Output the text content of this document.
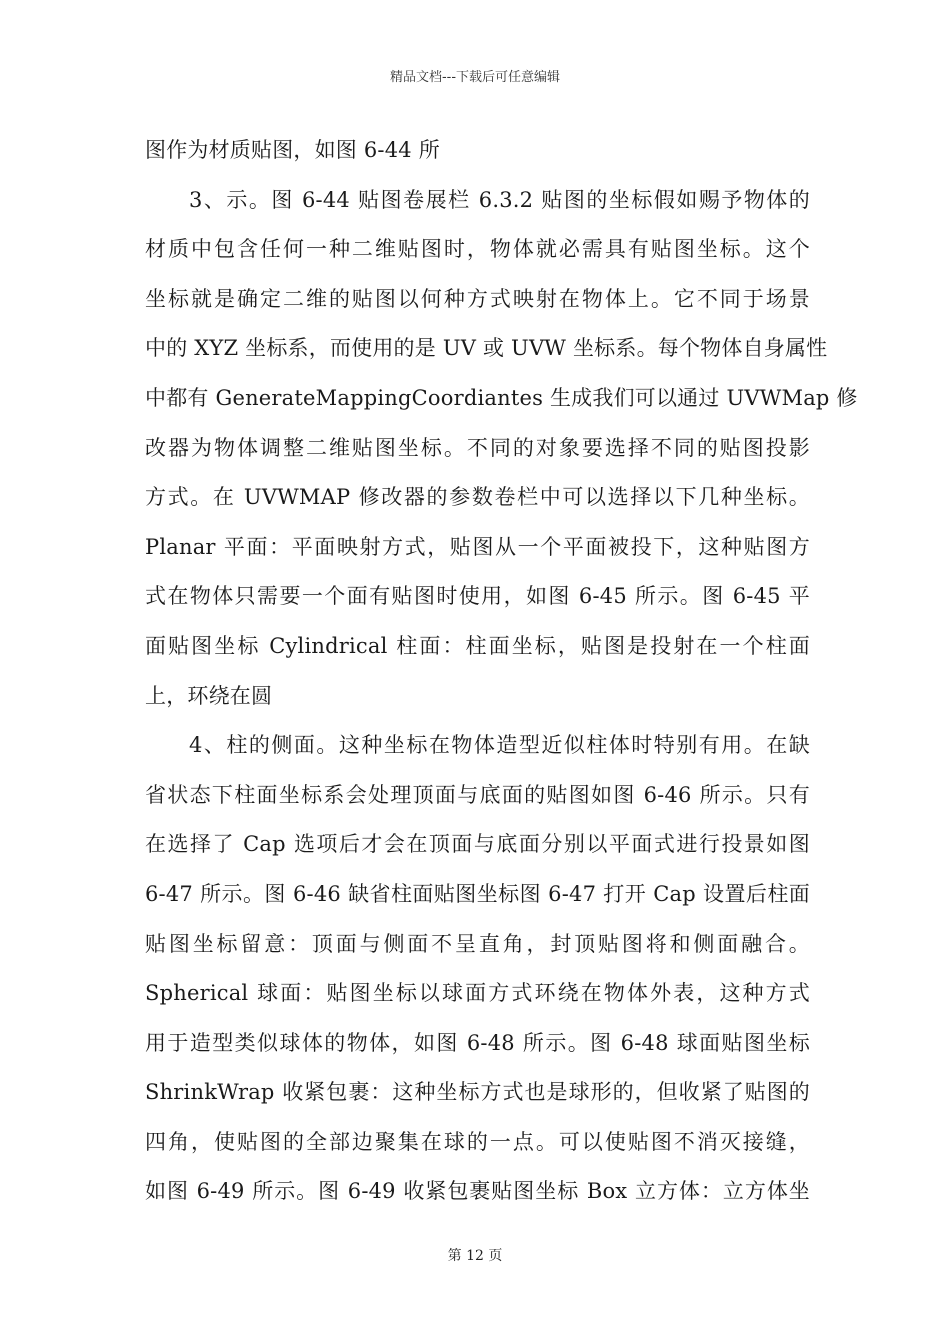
精品文档---下载后可任意编辑
图作为材质贴图，如图 6-44 所
3、示。图 6-44 贴图卷展栏 6.3.2 贴图的坐标假如赐予物体的
材质中包含任何一种二维贴图时，物体就必需具有贴图坐标。这个
坐标就是确定二维的贴图以何种方式映射在物体上。它不同于场景
中的 XYZ 坐标系，而使用的是 UV 或 UVW 坐标系。每个物体自身属性
中都有 GenerateMappingCoordiantes 生成我们可以通过 UVWMap 修
改器为物体调整二维贴图坐标。不同的对象要选择不同的贴图投影
方式。在 UVWMAP 修改器的参数卷栏中可以选择以下几种坐标。
Planar 平面：平面映射方式，贴图从一个平面被投下，这种贴图方
式在物体只需要一个面有贴图时使用，如图 6-45 所示。图 6-45 平
面贴图坐标 Cylindrical 柱面：柱面坐标，贴图是投射在一个柱面
上，环绕在圆
4、柱的侧面。这种坐标在物体造型近似柱体时特别有用。在缺
省状态下柱面坐标系会处理顶面与底面的贴图如图 6-46 所示。只有
在选择了 Cap 选项后才会在顶面与底面分别以平面式进行投景如图
6-47 所示。图 6-46 缺省柱面贴图坐标图 6-47 打开 Cap 设置后柱面
贴图坐标留意：顶面与侧面不呈直角，封顶贴图将和侧面融合。
Spherical 球面：贴图坐标以球面方式环绕在物体外表，这种方式
用于造型类似球体的物体，如图 6-48 所示。图 6-48 球面贴图坐标
ShrinkWrap 收紧包裹：这种坐标方式也是球形的，但收紧了贴图的
四角，使贴图的全部边聚集在球的一点。可以使贴图不消灭接缝，
如图 6-49 所示。图 6-49 收紧包裹贴图坐标 Box 立方体：立方体坐
第 12 页
